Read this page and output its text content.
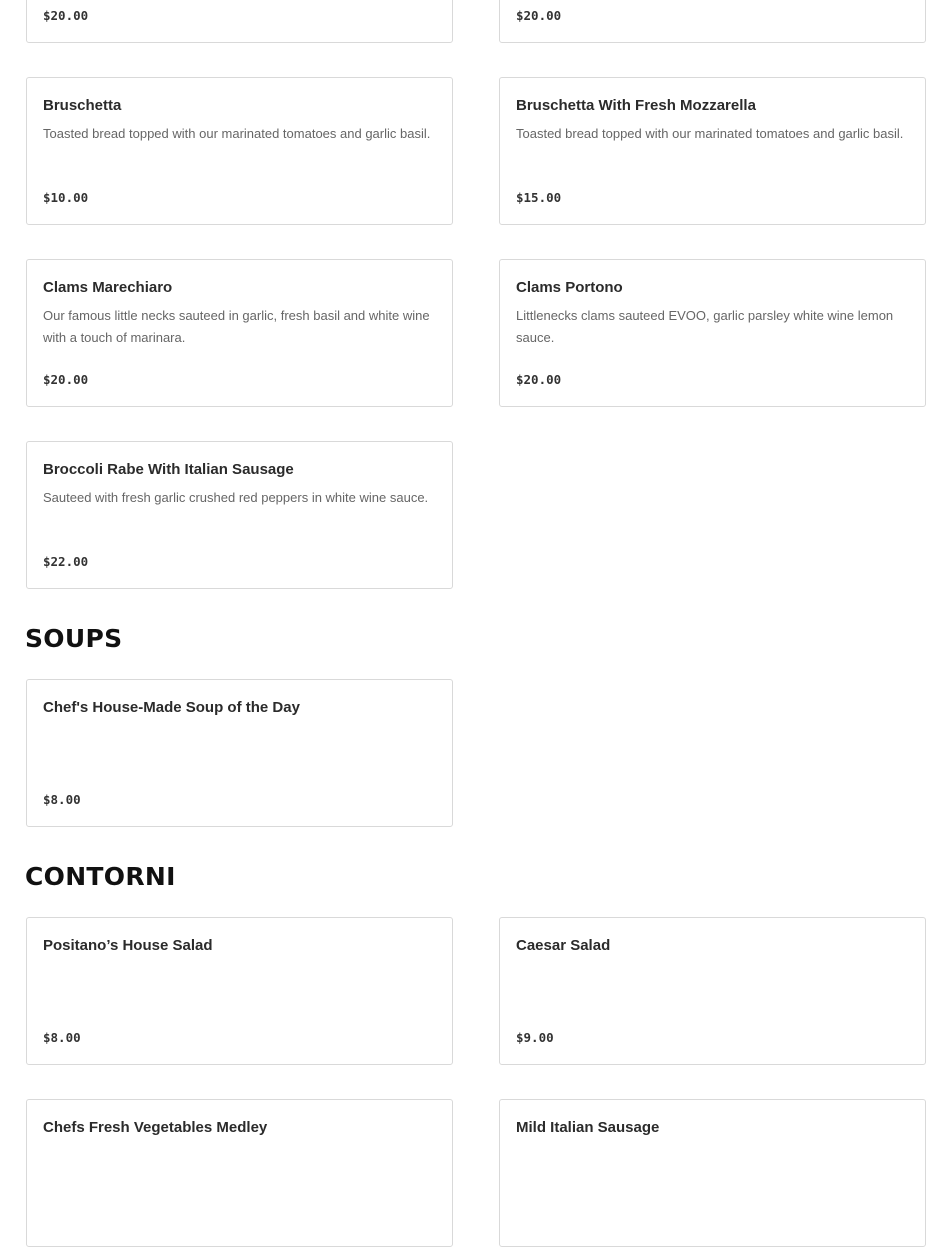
$20.00	$20.00
Bruschetta
Toasted bread topped with our marinated tomatoes and garlic basil.
$10.00
Bruschetta With Fresh Mozzarella
Toasted bread topped with our marinated tomatoes and garlic basil.
$15.00
Clams Marechiaro
Our famous little necks sauteed in garlic, fresh basil and white wine with a touch of marinara.
$20.00
Clams Portono
Littlenecks clams sauteed EVOO, garlic parsley white wine lemon sauce.
$20.00
Broccoli Rabe With Italian Sausage
Sauteed with fresh garlic crushed red peppers in white wine sauce.
$22.00
SOUPS
Chef's House-Made Soup of the Day
$8.00
CONTORNI
Positano’s House Salad
$8.00
Caesar Salad
$9.00
Chefs Fresh Vegetables Medley	Mild Italian Sausage
